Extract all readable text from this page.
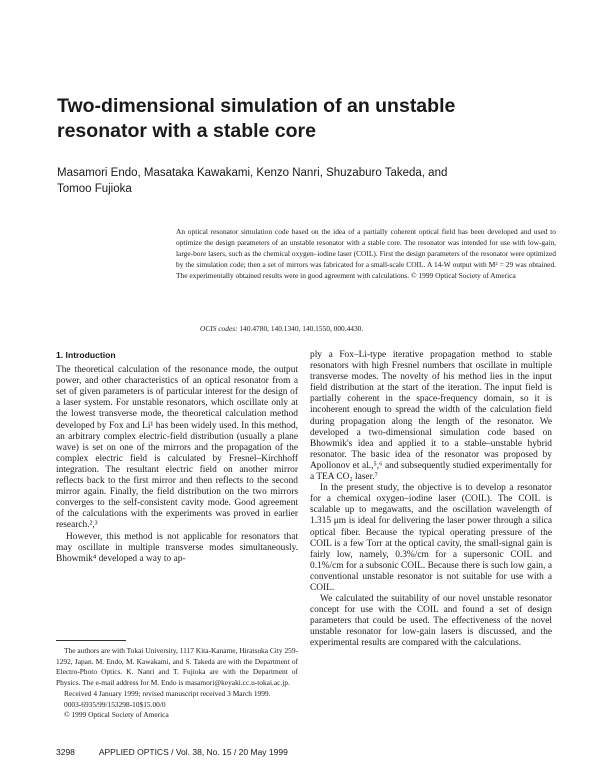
Two-dimensional simulation of an unstable resonator with a stable core
Masamori Endo, Masataka Kawakami, Kenzo Nanri, Shuzaburo Takeda, and Tomoo Fujioka
An optical resonator simulation code based on the idea of a partially coherent optical field has been developed and used to optimize the design parameters of an unstable resonator with a stable core. The resonator was intended for use with low-gain, large-bore lasers, such as the chemical oxygen–iodine laser (COIL). First the design parameters of the resonator were optimized by the simulation code; then a set of mirrors was fabricated for a small-scale COIL. A 14-W output with M² = 29 was obtained. The experimentally obtained results were in good agreement with calculations. © 1999 Optical Society of America
OCIS codes: 140.4780, 140.1340, 140.1550, 000.4430.
1. Introduction

The theoretical calculation of the resonance mode, the output power, and other characteristics of an optical resonator from a set of given parameters is of particular interest for the design of a laser system. For unstable resonators, which oscillate only at the lowest transverse mode, the theoretical calculation method developed by Fox and Li¹ has been widely used. In this method, an arbitrary complex electric-field distribution (usually a plane wave) is set on one of the mirrors and the propagation of the complex electric field is calculated by Fresnel–Kirchhoff integration. The resultant electric field on another mirror reflects back to the first mirror and then reflects to the second mirror again. Finally, the field distribution on the two mirrors converges to the self-consistent cavity mode. Good agreement of the calculations with the experiments was proved in earlier research.²,³

However, this method is not applicable for resonators that may oscillate in multiple transverse modes simultaneously. Bhowmik⁴ developed a way to ap-

The authors are with Tokai University, 1117 Kita-Kaname, Hiratsuka City 259-1292, Japan. M. Endo, M. Kawakami, and S. Takeda are with the Department of Electro-Photo Optics. K. Nanri and T. Fujioka are with the Department of Physics. The e-mail address for M. Endo is masamori@keyaki.cc.u-tokai.ac.jp.

Received 4 January 1999; revised manuscript received 3 March 1999.

0003-6935/99/153298-10$15.00/0

© 1999 Optical Society of America

ply a Fox–Li-type iterative propagation method to stable resonators with high Fresnel numbers that oscillate in multiple transverse modes. The novelty of his method lies in the input field distribution at the start of the iteration. The input field is partially coherent in the space-frequency domain, so it is incoherent enough to spread the width of the calculation field during propagation along the length of the resonator. We developed a two-dimensional simulation code based on Bhowmik's idea and applied it to a stable–unstable hybrid resonator. The basic idea of the resonator was proposed by Apollonov et al.,⁵,⁶ and subsequently studied experimentally for a TEA CO₂ laser.⁷

In the present study, the objective is to develop a resonator for a chemical oxygen–iodine laser (COIL). The COIL is scalable up to megawatts, and the oscillation wavelength of 1.315 μm is ideal for delivering the laser power through a silica optical fiber. Because the typical operating pressure of the COIL is a few Torr at the optical cavity, the small-signal gain is fairly low, namely, 0.3%/cm for a supersonic COIL and 0.1%/cm for a subsonic COIL. Because there is such low gain, a conventional unstable resonator is not suitable for use with a COIL.

We calculated the suitability of our novel unstable resonator concept for use with the COIL and found a set of design parameters that could be used. The effectiveness of the novel unstable resonator for low-gain lasers is discussed, and the experimental results are compared with the calculations.

3298	APPLIED OPTICS / Vol. 38, No. 15 / 20 May 1999
